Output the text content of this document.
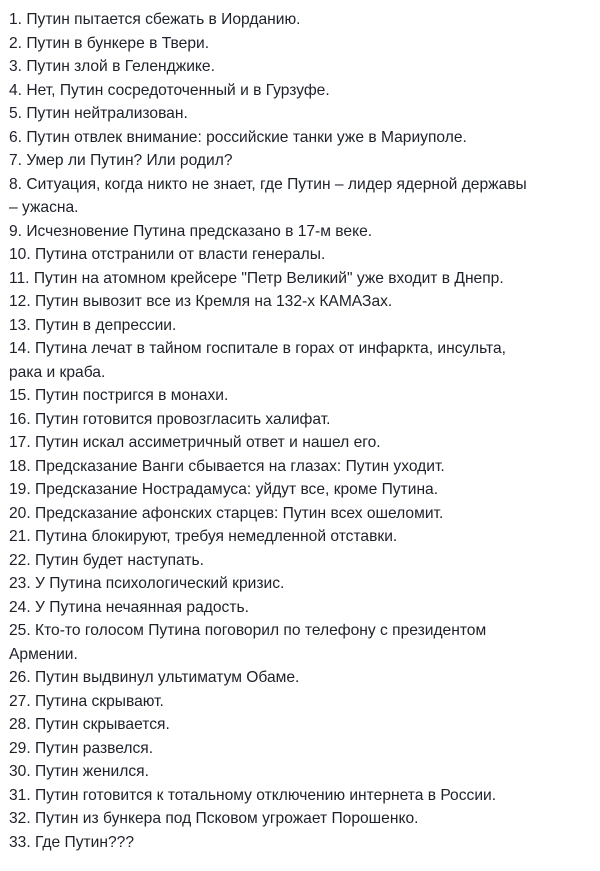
1. Путин пытается сбежать в Иорданию.
2. Путин в бункере в Твери.
3. Путин злой в Геленджике.
4. Нет, Путин сосредоточенный и в Гурзуфе.
5. Путин нейтрализован.
6. Путин отвлек внимание: российские танки уже в Мариуполе.
7. Умер ли Путин? Или родил?
8. Ситуация, когда никто не знает, где Путин – лидер ядерной державы
– ужасна.
9. Исчезновение Путина предсказано в 17-м веке.
10. Путина отстранили от власти генералы.
11. Путин на атомном крейсере "Петр Великий" уже входит в Днепр.
12. Путин вывозит все из Кремля на 132-х КАМАЗах.
13. Путин в депрессии.
14. Путина лечат в тайном госпитале в горах от инфаркта, инсульта,
рака и краба.
15. Путин постригся в монахи.
16. Путин готовится провозгласить халифат.
17. Путин искал ассиметричный ответ и нашел его.
18. Предсказание Ванги сбывается на глазах: Путин уходит.
19. Предсказание Нострадамуса: уйдут все, кроме Путина.
20. Предсказание афонских старцев: Путин всех ошеломит.
21. Путина блокируют, требуя немедленной отставки.
22. Путин будет наступать.
23. У Путина психологический кризис.
24. У Путина нечаянная радость.
25. Кто-то голосом Путина поговорил по телефону с президентом
Армении.
26. Путин выдвинул ультиматум Обаме.
27. Путина скрывают.
28. Путин скрывается.
29. Путин развелся.
30. Путин женился.
31. Путин готовится к тотальному отключению интернета в России.
32. Путин из бункера под Псковом угрожает Порошенко.
33. Где Путин???
